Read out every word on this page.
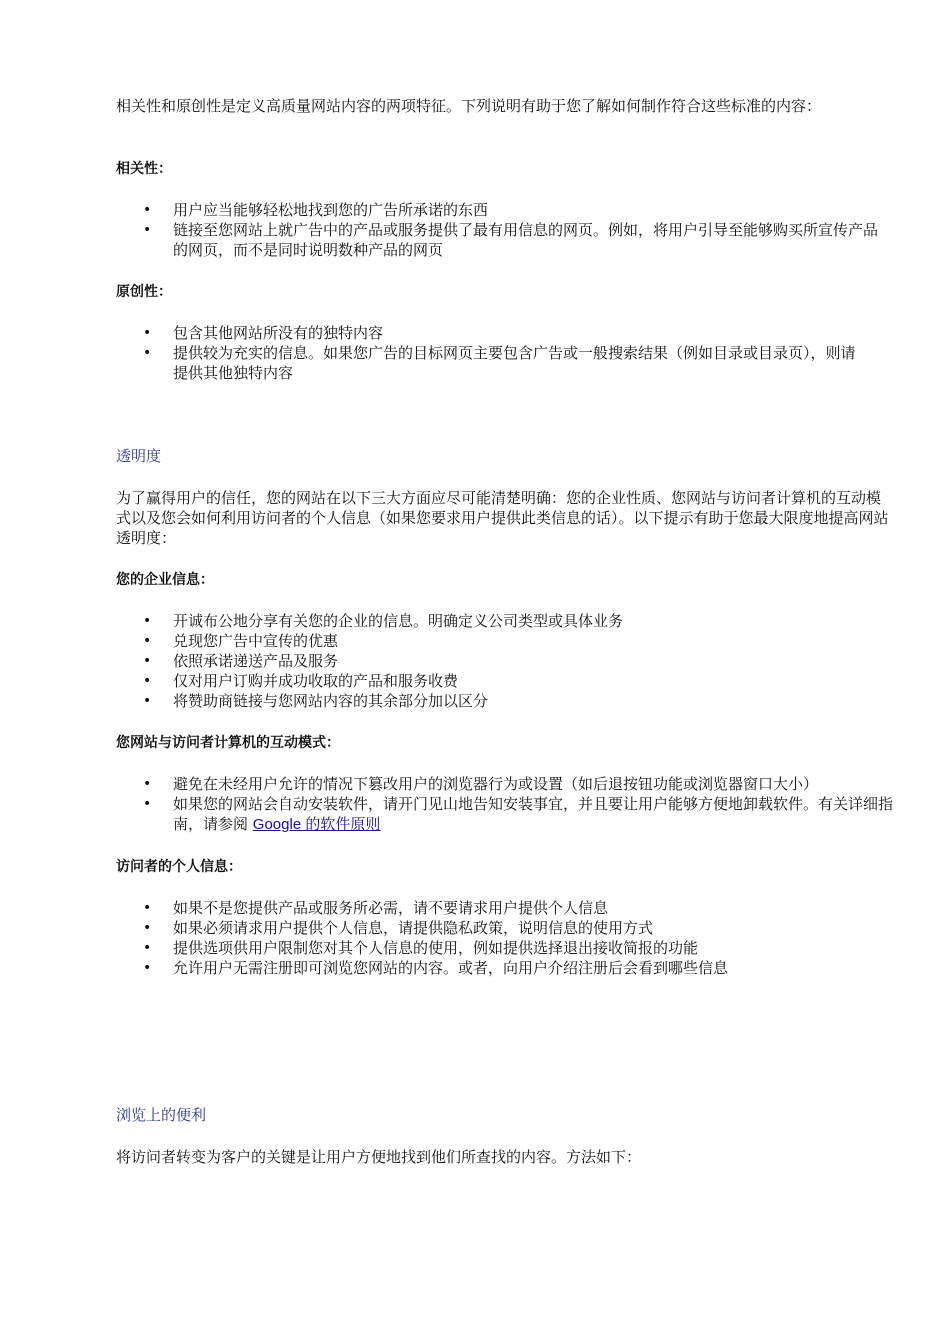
相关性和原创性是定义高质量网站内容的两项特征。下列说明有助于您了解如何制作符合这些标准的内容：

相关性：

• 用户应当能够轻松地找到您的广告所承诺的东西
• 链接至您网站上就广告中的产品或服务提供了最有用信息的网页。例如，将用户引导至能够购买所宣传产品的网页，而不是同时说明数种产品的网页

原创性：

• 包含其他网站所没有的独特内容
• 提供较为充实的信息。如果您广告的目标网页主要包含广告或一般搜索结果（例如目录或目录页），则请提供其他独特内容

透明度

为了赢得用户的信任，您的网站在以下三大方面应尽可能清楚明确：您的企业性质、您网站与访问者计算机的互动模式以及您会如何利用访问者的个人信息（如果您要求用户提供此类信息的话）。以下提示有助于您最大限度地提高网站透明度：

您的企业信息：

• 开诚布公地分享有关您的企业的信息。明确定义公司类型或具体业务
• 兑现您广告中宣传的优惠
• 依照承诺递送产品及服务
• 仅对用户订购并成功收取的产品和服务收费
• 将赞助商链接与您网站内容的其余部分加以区分

您网站与访问者计算机的互动模式：

• 避免在未经用户允许的情况下篡改用户的浏览器行为或设置（如后退按钮功能或浏览器窗口大小）
• 如果您的网站会自动安装软件，请开门见山地告知安装事宜，并且要让用户能够方便地卸载软件。有关详细指南，请参阅 Google 的软件原则

访问者的个人信息：

• 如果不是您提供产品或服务所必需，请不要请求用户提供个人信息
• 如果必须请求用户提供个人信息，请提供隐私政策，说明信息的使用方式
• 提供选项供用户限制您对其个人信息的使用，例如提供选择退出接收简报的功能
• 允许用户无需注册即可浏览您网站的内容。或者，向用户介绍注册后会看到哪些信息

浏览上的便利

将访问者转变为客户的关键是让用户方便地找到他们所查找的内容。方法如下：
